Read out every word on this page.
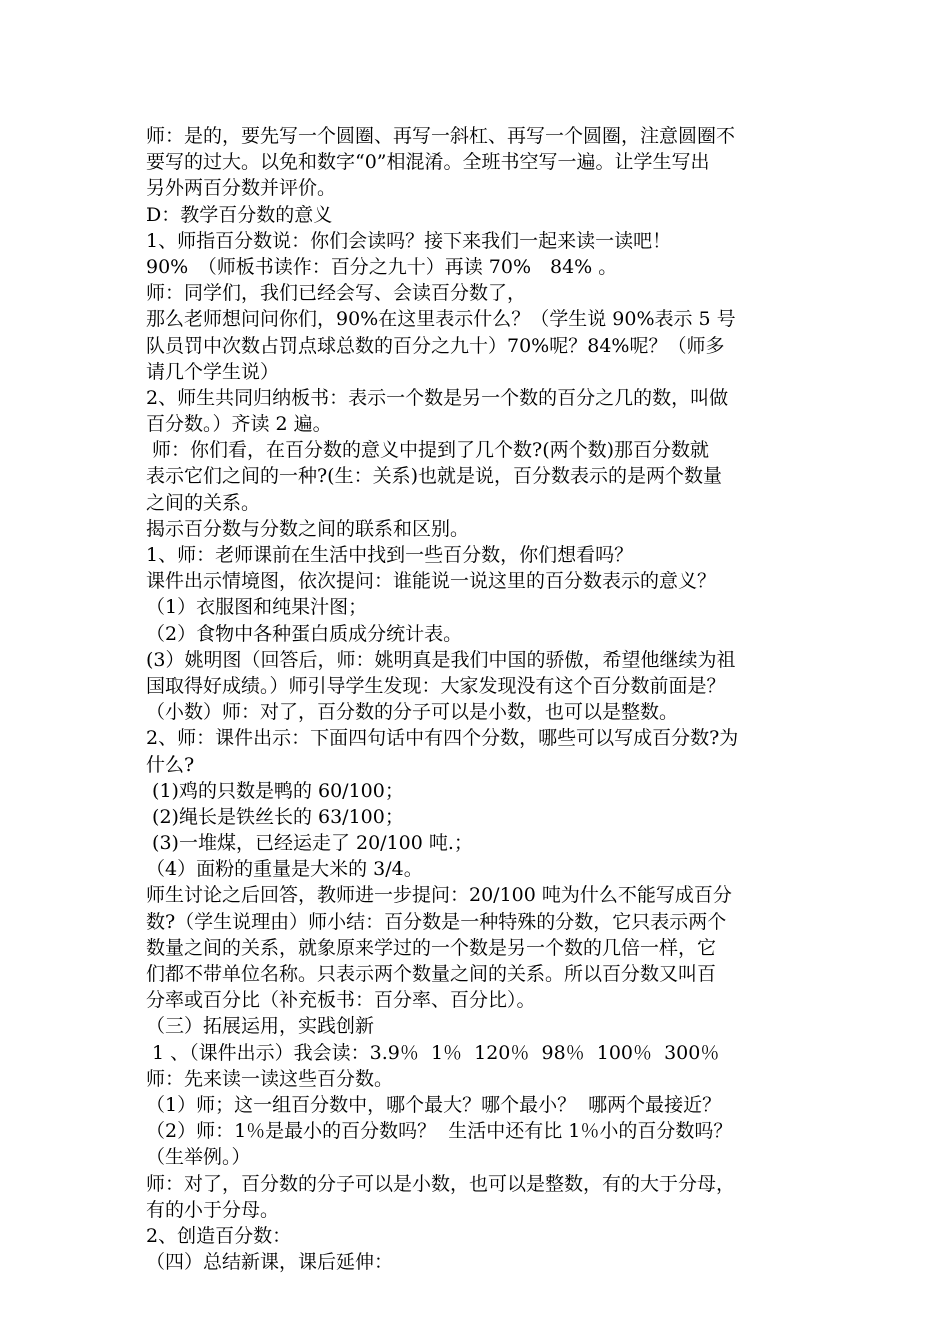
师：是的，要先写一个圆圈、再写一斜杠、再写一个圆圈，注意圆圈不
要写的过大。以免和数字“0”相混淆。全班书空写一遍。让学生写出
另外两百分数并评价。
D：教学百分数的意义
1、师指百分数说：你们会读吗？接下来我们一起来读一读吧！
90%　（师板书读作：百分之九十）再读 70%　84% 。
师：同学们，我们已经会写、会读百分数了，
那么老师想问问你们，90%在这里表示什么？（学生说 90%表示 5 号
队员罚中次数占罚点球总数的百分之九十）70%呢？84%呢？（师多
请几个学生说）
2、师生共同归纳板书：表示一个数是另一个数的百分之几的数，叫做
百分数。）齐读 2 遍。
师：你们看，在百分数的意义中提到了几个数?(两个数)那百分数就
表示它们之间的一种?(生：关系)也就是说，百分数表示的是两个数量
之间的关系。
揭示百分数与分数之间的联系和区别。
1、师：老师课前在生活中找到一些百分数，你们想看吗？
课件出示情境图，依次提问：谁能说一说这里的百分数表示的意义？
（1）衣服图和纯果汁图；
（2）食物中各种蛋白质成分统计表。
(3）姚明图（回答后，师：姚明真是我们中国的骄傲，希望他继续为祖
国取得好成绩。）师引导学生发现：大家发现没有这个百分数前面是？
（小数）师：对了，百分数的分子可以是小数，也可以是整数。
2、师：课件出示：下面四句话中有四个分数，哪些可以写成百分数?为
什么?
(1)鸡的只数是鸭的 60/100；
(2)绳长是铁丝长的 63/100；
(3)一堆煤，已经运走了 20/100 吨.；
（4）面粉的重量是大米的 3/4。
师生讨论之后回答，教师进一步提问：20/100 吨为什么不能写成百分
数?（学生说理由）师小结：百分数是一种特殊的分数，它只表示两个
数量之间的关系，就象原来学过的一个数是另一个数的几倍一样，它
们都不带单位名称。只表示两个数量之间的关系。所以百分数又叫百
分率或百分比（补充板书：百分率、百分比）。
（三）拓展运用，实践创新
1 、（课件出示）我会读：3.9％  1％  120％  98％  100％  300％
师：先来读一读这些百分数。
（1）师；这一组百分数中，哪个最大？哪个最小？  哪两个最接近？
（2）师：1％是最小的百分数吗？  生活中还有比 1％小的百分数吗？
（生举例。）
师：对了，百分数的分子可以是小数，也可以是整数，有的大于分母，
有的小于分母。
2、创造百分数：
（四）总结新课，课后延伸：
